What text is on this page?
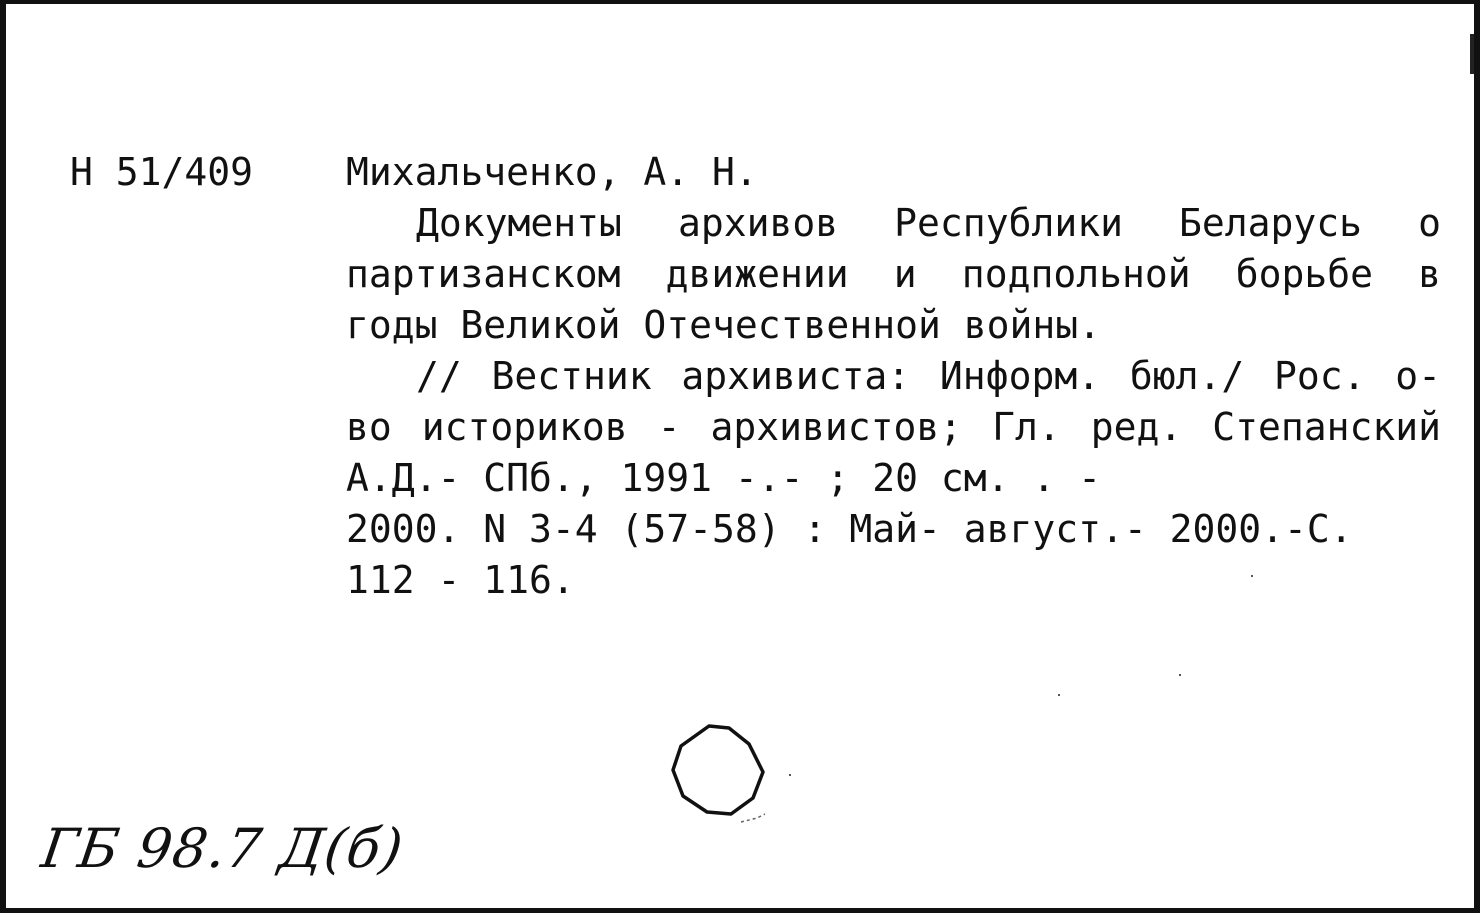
Н 51/409 Михальченко, А. Н.

Документы архивов Республики Беларусь о партизанском движении и подпольной борьбе в годы Великой Отечественной войны.

// Вестник архивиста: Информ. бюл./ Рос. о-во историков - архивистов; Гл. ред. Степанский А.Д.- СПб., 1991 -.- ; 20 см. . -

2000. N 3-4 (57-58) : Май- август.- 2000.-С.

112 - 116.

ГБ 98.7 Д(б)
